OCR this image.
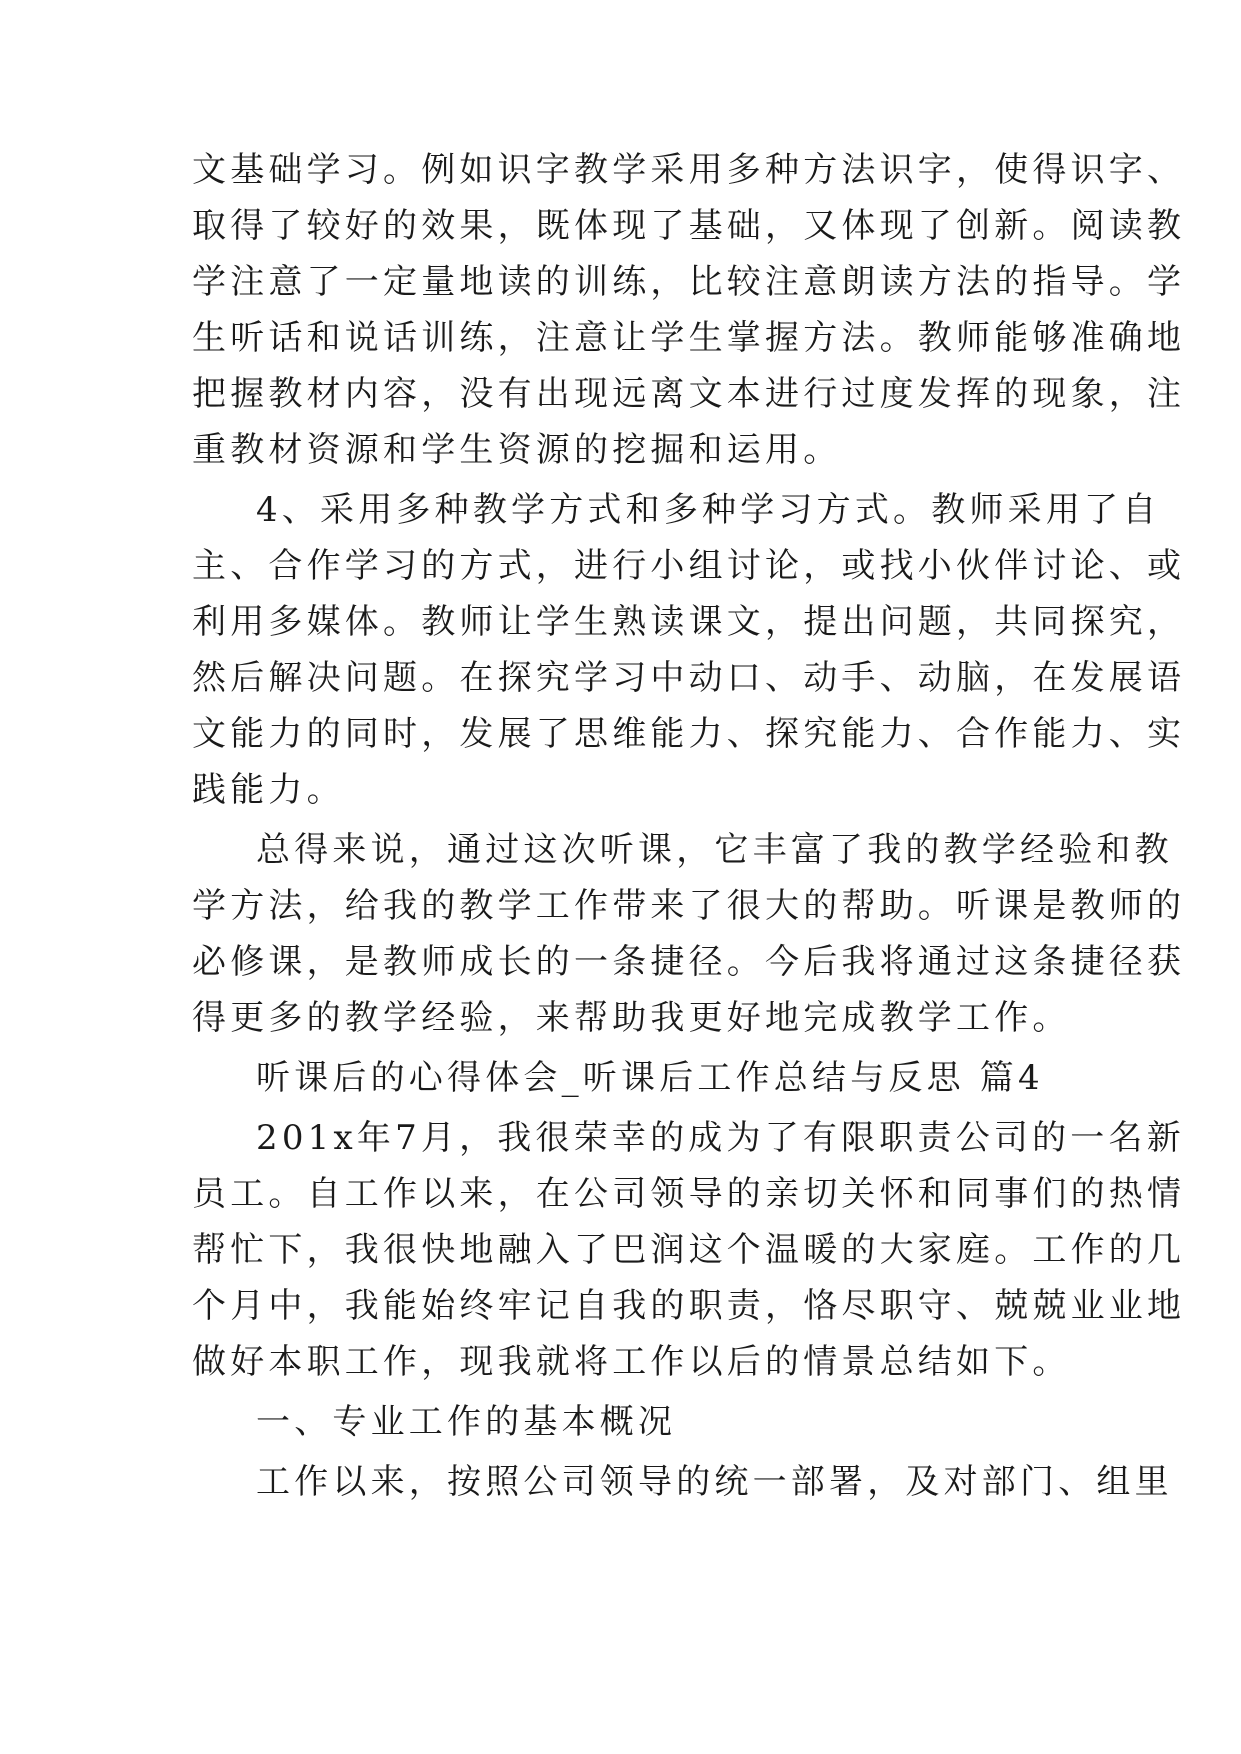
文基础学习。例如识字教学采用多种方法识字，使得识字、
取得了较好的效果，既体现了基础，又体现了创新。阅读教
学注意了一定量地读的训练，比较注意朗读方法的指导。学
生听话和说话训练，注意让学生掌握方法。教师能够准确地
把握教材内容，没有出现远离文本进行过度发挥的现象，注
重教材资源和学生资源的挖掘和运用。
4、采用多种教学方式和多种学习方式。教师采用了自
主、合作学习的方式，进行小组讨论，或找小伙伴讨论、或
利用多媒体。教师让学生熟读课文，提出问题，共同探究，
然后解决问题。在探究学习中动口、动手、动脑，在发展语
文能力的同时，发展了思维能力、探究能力、合作能力、实
践能力。
总得来说，通过这次听课，它丰富了我的教学经验和教
学方法，给我的教学工作带来了很大的帮助。听课是教师的
必修课，是教师成长的一条捷径。今后我将通过这条捷径获
得更多的教学经验，来帮助我更好地完成教学工作。
听课后的心得体会_听课后工作总结与反思 篇4
201x年7月，我很荣幸的成为了有限职责公司的一名新
员工。自工作以来，在公司领导的亲切关怀和同事们的热情
帮忙下，我很快地融入了巴润这个温暖的大家庭。工作的几
个月中，我能始终牢记自我的职责，恪尽职守、兢兢业业地
做好本职工作，现我就将工作以后的情景总结如下。
一、专业工作的基本概况
工作以来，按照公司领导的统一部署，及对部门、组里
